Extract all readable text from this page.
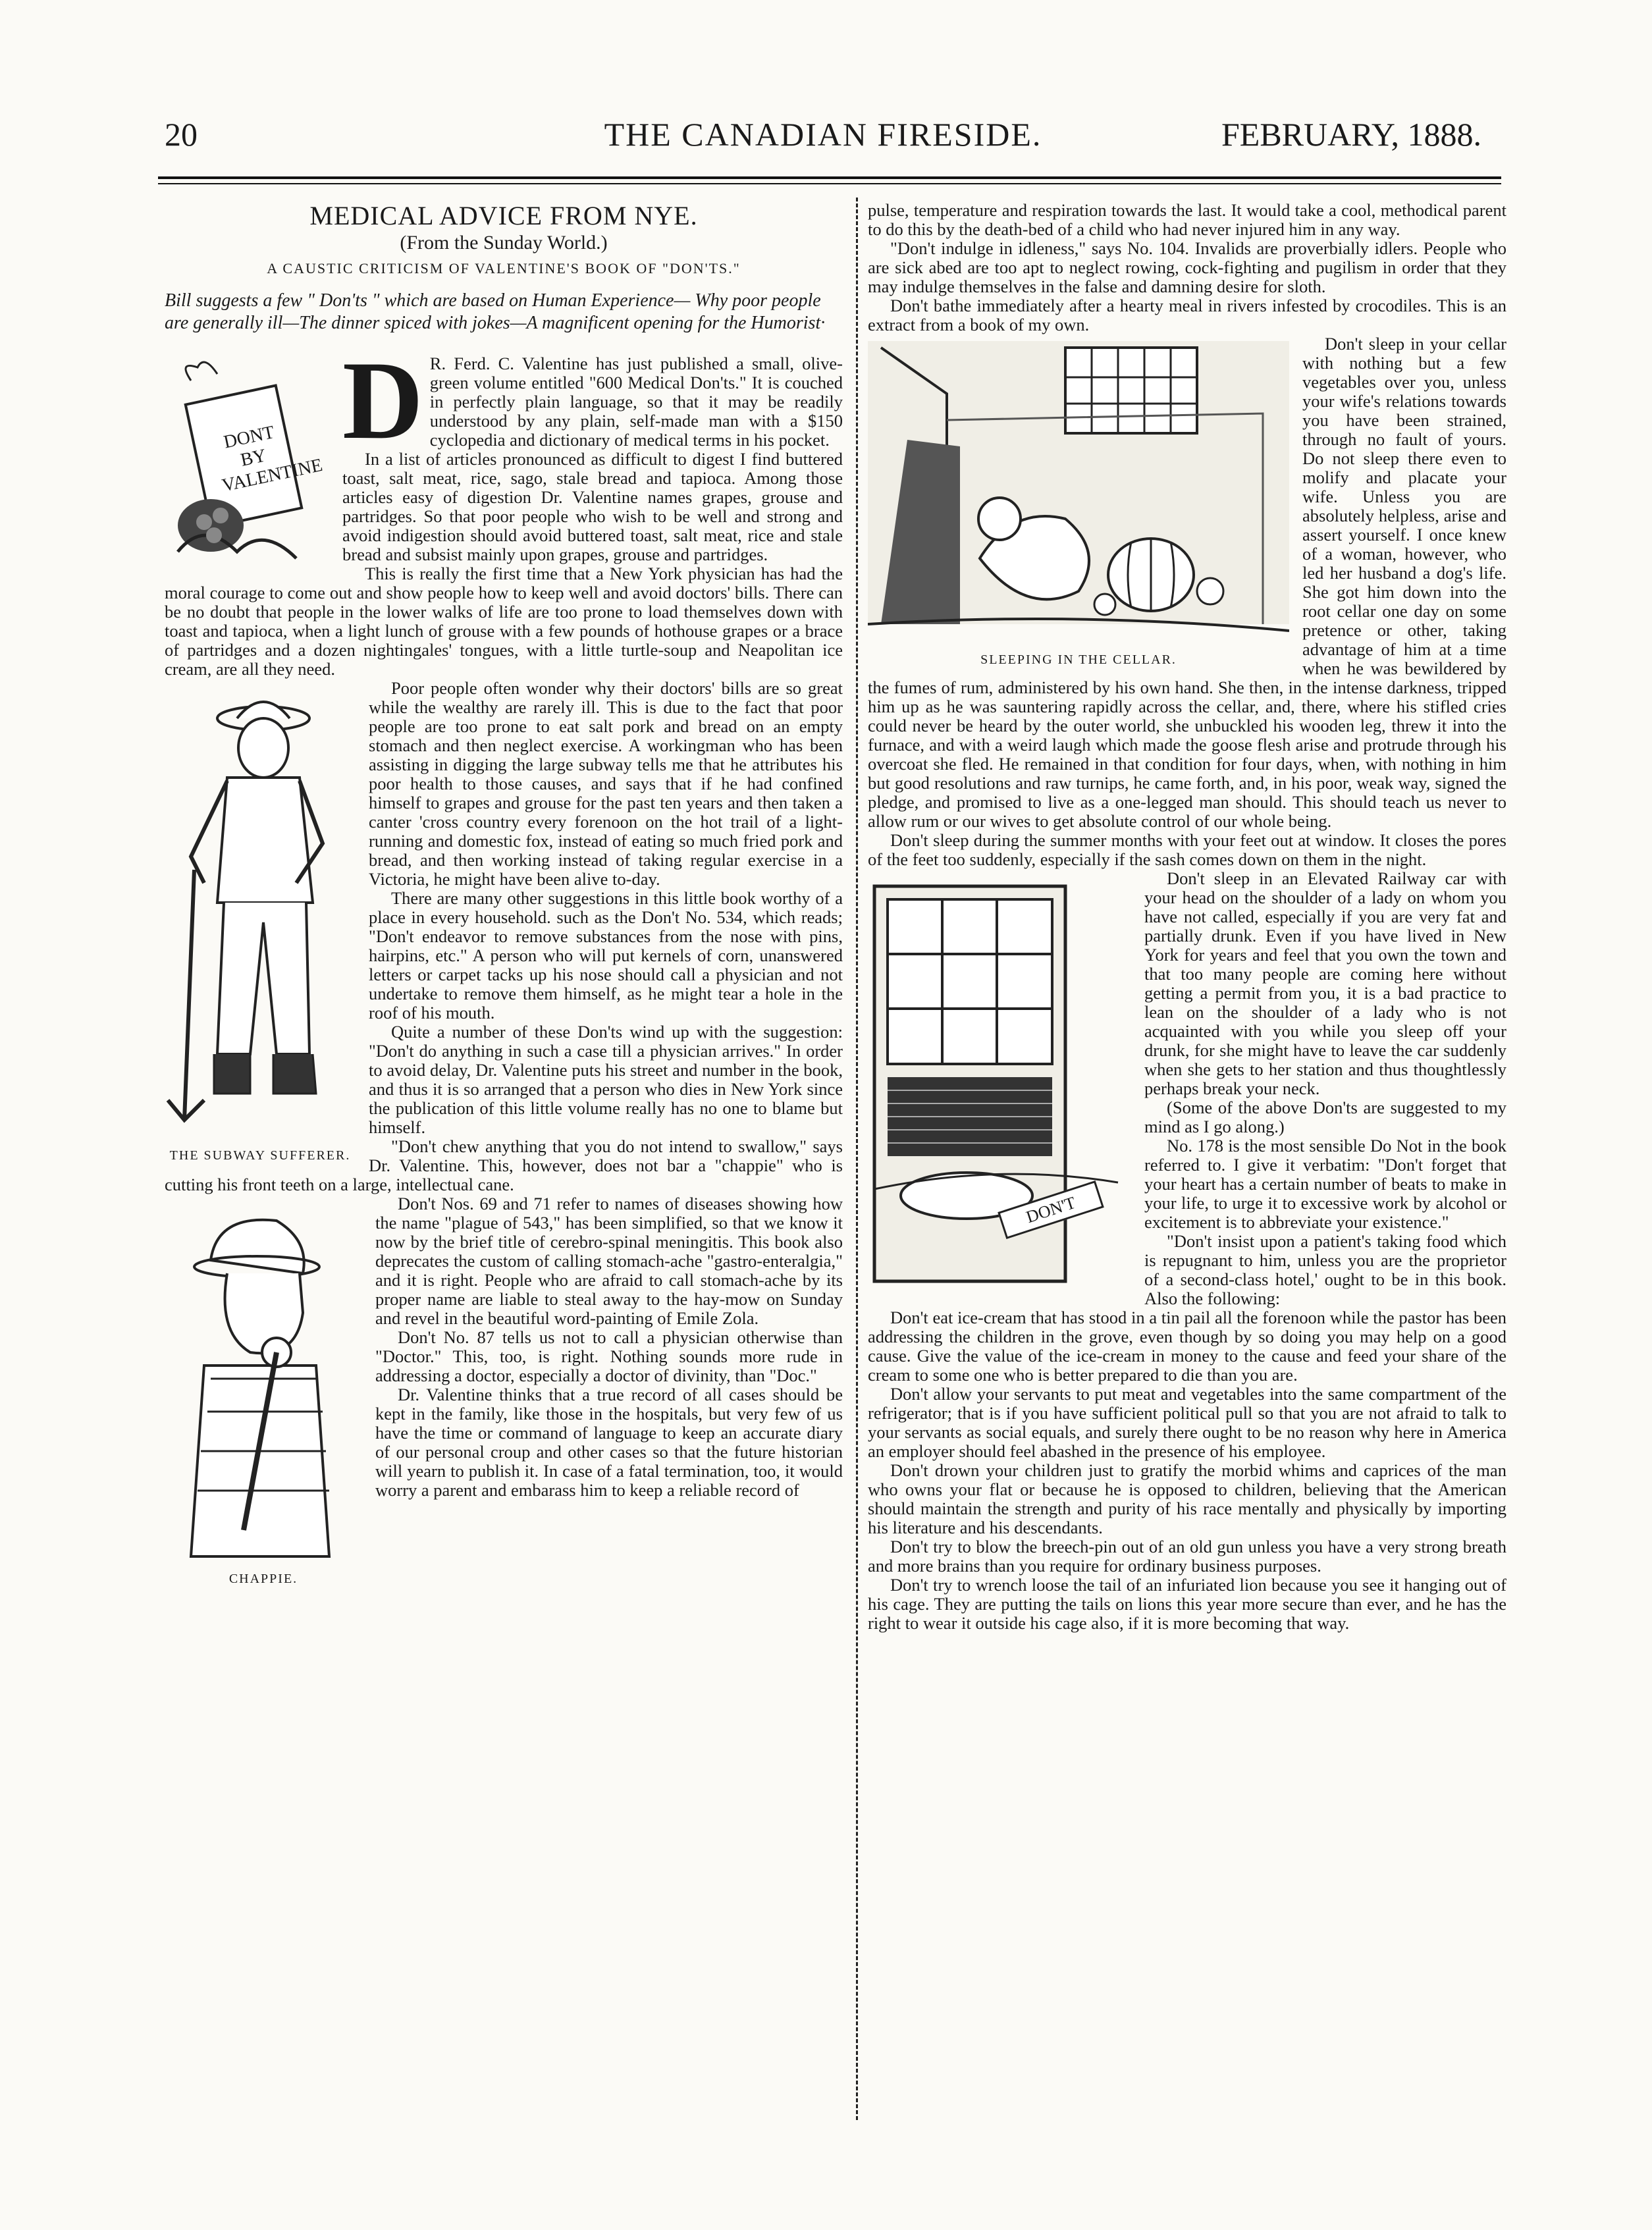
20	THE CANADIAN FIRESIDE.	FEBRUARY, 1888.
MEDICAL ADVICE FROM NYE.
(From the Sunday World.)
A CAUSTIC CRITICISM OF VALENTINE'S BOOK OF "DON'TS."
Bill suggests a few " Don'ts " which are based on Human Experience— Why poor people are generally ill—The dinner spiced with jokes—A magnificent opening for the Humorist·
DONT BY VALENTINE
D R. Ferd. C. Valentine has just published a small, olive-green volume entitled "600 Medical Don'ts." It is couched in perfectly plain language, so that it may be readily understood by any plain, self-made man with a $150 cyclopedia and dictionary of medical terms in his pocket.

In a list of articles pronounced as difficult to digest I find buttered toast, salt meat, rice, sago, stale bread and tapioca. Among those articles easy of digestion Dr. Valentine names grapes, grouse and partridges. So that poor people who wish to be well and strong and avoid indigestion should avoid buttered toast, salt meat, rice and stale bread and subsist mainly upon grapes, grouse and partridges.

This is really the first time that a New York physician has had the moral courage to come out and show people how to keep well and avoid doctors' bills. There can be no doubt that people in the lower walks of life are too prone to load themselves down with toast and tapioca, when a light lunch of grouse with a few pounds of hothouse grapes or a brace of partridges and a dozen nightingales' tongues, with a little turtle-soup and Neapolitan ice cream, are all they need.

THE SUBWAY SUFFERER.

Poor people often wonder why their doctors' bills are so great while the wealthy are rarely ill. This is due to the fact that poor people are too prone to eat salt pork and bread on an empty stomach and then neglect exercise. A workingman who has been assisting in digging the large subway tells me that he attributes his poor health to those causes, and says that if he had confined himself to grapes and grouse for the past ten years and then taken a canter 'cross country every forenoon on the hot trail of a light-running and domestic fox, instead of eating so much fried pork and bread, and then working instead of taking regular exercise in a Victoria, he might have been alive to-day.

There are many other suggestions in this little book worthy of a place in every household. such as the Don't No. 534, which reads; "Don't endeavor to remove substances from the nose with pins, hairpins, etc." A person who will put kernels of corn, unanswered letters or carpet tacks up his nose should call a physician and not undertake to remove them himself, as he might tear a hole in the roof of his mouth.

Quite a number of these Don'ts wind up with the suggestion: "Don't do anything in such a case till a physician arrives." In order to avoid delay, Dr. Valentine puts his street and number in the book, and thus it is so arranged that a person who dies in New York since the publication of this little volume really has no one to blame but himself.

"Don't chew anything that you do not intend to swallow," says Dr. Valentine. This, however, does not bar a "chappie" who is cutting his front teeth on a large, intellectual cane.

CHAPPIE.

Don't Nos. 69 and 71 refer to names of diseases showing how the name "plague of 543," has been simplified, so that we know it now by the brief title of cerebro-spinal meningitis. This book also deprecates the custom of calling stomach-ache "gastro-enteralgia," and it is right. People who are afraid to call stomach-ache by its proper name are liable to steal away to the hay-mow on Sunday and revel in the beautiful word-painting of Emile Zola.

Don't No. 87 tells us not to call a physician otherwise than "Doctor." This, too, is right. Nothing sounds more rude in addressing a doctor, especially a doctor of divinity, than "Doc."

Dr. Valentine thinks that a true record of all cases should be kept in the family, like those in the hospitals, but very few of us have the time or command of language to keep an accurate diary of our personal croup and other cases so that the future historian will yearn to publish it. In case of a fatal termination, too, it would worry a parent and embarass him to keep a reliable record of

pulse, temperature and respiration towards the last. It would take a cool, methodical parent to do this by the death-bed of a child who had never injured him in any way.

"Don't indulge in idleness," says No. 104. Invalids are proverbially idlers. People who are sick abed are too apt to neglect rowing, cock-fighting and pugilism in order that they may indulge themselves in the false and damning desire for sloth.

Don't bathe immediately after a hearty meal in rivers infested by crocodiles. This is an extract from a book of my own.

SLEEPING IN THE CELLAR.

Don't sleep in your cellar with nothing but a few vegetables over you, unless your wife's relations towards you have been strained, through no fault of yours. Do not sleep there even to molify and placate your wife. Unless you are absolutely helpless, arise and assert yourself. I once knew of a woman, however, who led her husband a dog's life. She got him down into the root cellar one day on some pretence or other, taking advantage of him at a time when he was bewildered by the fumes of rum, administered by his own hand. She then, in the intense darkness, tripped him up as he was sauntering rapidly across the cellar, and, there, where his stifled cries could never be heard by the outer world, she unbuckled his wooden leg, threw it into the furnace, and with a weird laugh which made the goose flesh arise and protrude through his overcoat she fled. He remained in that condition for four days, when, with nothing in him but good resolutions and raw turnips, he came forth, and, in his poor, weak way, signed the pledge, and promised to live as a one-legged man should. This should teach us never to allow rum or our wives to get absolute control of our whole being.

Don't sleep during the summer months with your feet out at window. It closes the pores of the feet too suddenly, especially if the sash comes down on them in the night.

DON'T

Don't sleep in an Elevated Railway car with your head on the shoulder of a lady on whom you have not called, especially if you are very fat and partially drunk. Even if you have lived in New York for years and feel that you own the town and that too many people are coming here without getting a permit from you, it is a bad practice to lean on the shoulder of a lady who is not acquainted with you while you sleep off your drunk, for she might have to leave the car suddenly when she gets to her station and thus thoughtlessly perhaps break your neck.

(Some of the above Don'ts are suggested to my mind as I go along.)

No. 178 is the most sensible Do Not in the book referred to. I give it verbatim: "Don't forget that your heart has a certain number of beats to make in your life, to urge it to excessive work by alcohol or excitement is to abbreviate your existence."

"Don't insist upon a patient's taking food which is repugnant to him, unless you are the proprietor of a second-class hotel,' ought to be in this book. Also the following:

Don't eat ice-cream that has stood in a tin pail all the forenoon while the pastor has been addressing the children in the grove, even though by so doing you may help on a good cause. Give the value of the ice-cream in money to the cause and feed your share of the cream to some one who is better prepared to die than you are.

Don't allow your servants to put meat and vegetables into the same compartment of the refrigerator; that is if you have sufficient political pull so that you are not afraid to talk to your servants as social equals, and surely there ought to be no reason why here in America an employer should feel abashed in the presence of his employee.

Don't drown your children just to gratify the morbid whims and caprices of the man who owns your flat or because he is opposed to children, believing that the American should maintain the strength and purity of his race mentally and physically by importing his literature and his descendants.

Don't try to blow the breech-pin out of an old gun unless you have a very strong breath and more brains than you require for ordinary business purposes.

Don't try to wrench loose the tail of an infuriated lion because you see it hanging out of his cage. They are putting the tails on lions this year more secure than ever, and he has the right to wear it outside his cage also, if it is more becoming that way.
